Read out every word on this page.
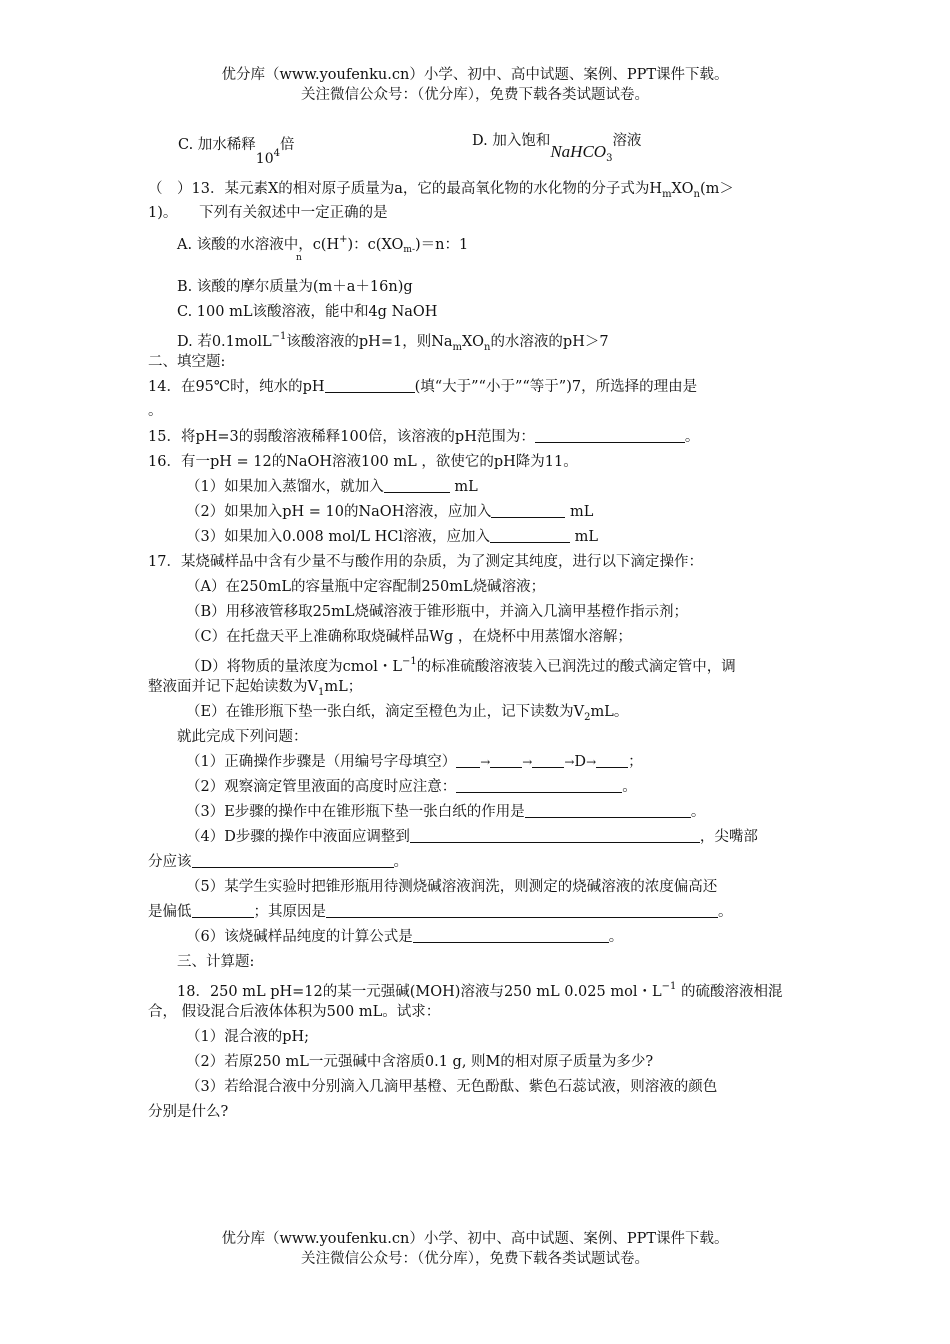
优分库（www.youfenku.cn）小学、初中、高中试题、案例、PPT课件下载。
关注微信公众号：（优分库），免费下载各类试题试卷。
C. 加水稀释$10^4$倍	D. 加入饱和NaHCO$_3$溶液
（　）13．某元素X的相对原子质量为a，它的最高氧化物的水化物的分子式为$H_mXO_n(m>$
1)。　　下列有关叙述中一定正确的是
A. 该酸的水溶液中，c(H+)：$c(XO_{m-})=n$：1
n
B. 该酸的摩尔质量为(m＋a＋16n)g
C. 100 mL该酸溶液，能中和4g NaOH
D. 若0.1molL$^{-1}$该酸溶液的pH=1，则$Na_mXO_n$的水溶液的pH＞7
二、填空题:
14．在95℃时，纯水的pH	(填“大于”“小于”“等于”)7，所选择的理由是
。
15．将pH=3的弱酸溶液稀释100倍，该溶液的pH范围为：	。
16．有一pH = 12的NaOH溶液100 mL ，欲使它的pH降为11。
（1）如果加入蒸馏水，就加入	mL
（2）如果加入pH = 10的NaOH溶液，应加入	mL
（3）如果加入0.008 mol/L HCl溶液，应加入	mL
17．某烧碱样品中含有少量不与酸作用的杂质，为了测定其纯度，进行以下滴定操作：
（A）在250mL的容量瓶中定容配制250mL烧碱溶液；
（B）用移液管移取25mL烧碱溶液于锥形瓶中，并滴入几滴甲基橙作指示剂；
（C）在托盘天平上准确称取烧碱样品Wg ，在烧杯中用蒸馏水溶解；
（D）将物质的量浓度为cmol・$L^{-1}$的标准硫酸溶液装入已润洗过的酸式滴定管中，调
整液面并记下起始读数为$V_1mL$；
（E）在锥形瓶下垫一张白纸，滴定至橙色为止，记下读数为$V_2mL$。
就此完成下列问题：
（1）正确操作步骤是（用编号字母填空） →	→	→D→ ；
（2）观察滴定管里液面的高度时应注意：	。
（3）E步骤的操作中在锥形瓶下垫一张白纸的作用是	。
（4）D步骤的操作中液面应调整到	，尖嘴部
分应该	。
（5）某学生实验时把锥形瓶用待测烧碱溶液润洗，则测定的烧碱溶液的浓度偏高还
是偏低	；其原因是	。
（6）该烧碱样品纯度的计算公式是	。
三、计算题:
18．250 mL pH=12的某一元强碱(MOH)溶液与250 mL 0.025 mol・$L^{-1}$ 的硫酸溶液相混
合， 假设混合后液体体积为500 mL。试求：
（1）混合液的pH;
（2）若原250 mL一元强碱中含溶质0.1 g, 则M的相对原子质量为多少?
（3）若给混合液中分别滴入几滴甲基橙、无色酚酞、紫色石蕊试液，则溶液的颜色
分别是什么?
优分库（www.youfenku.cn）小学、初中、高中试题、案例、PPT课件下载。
关注微信公众号：（优分库），免费下载各类试题试卷。
